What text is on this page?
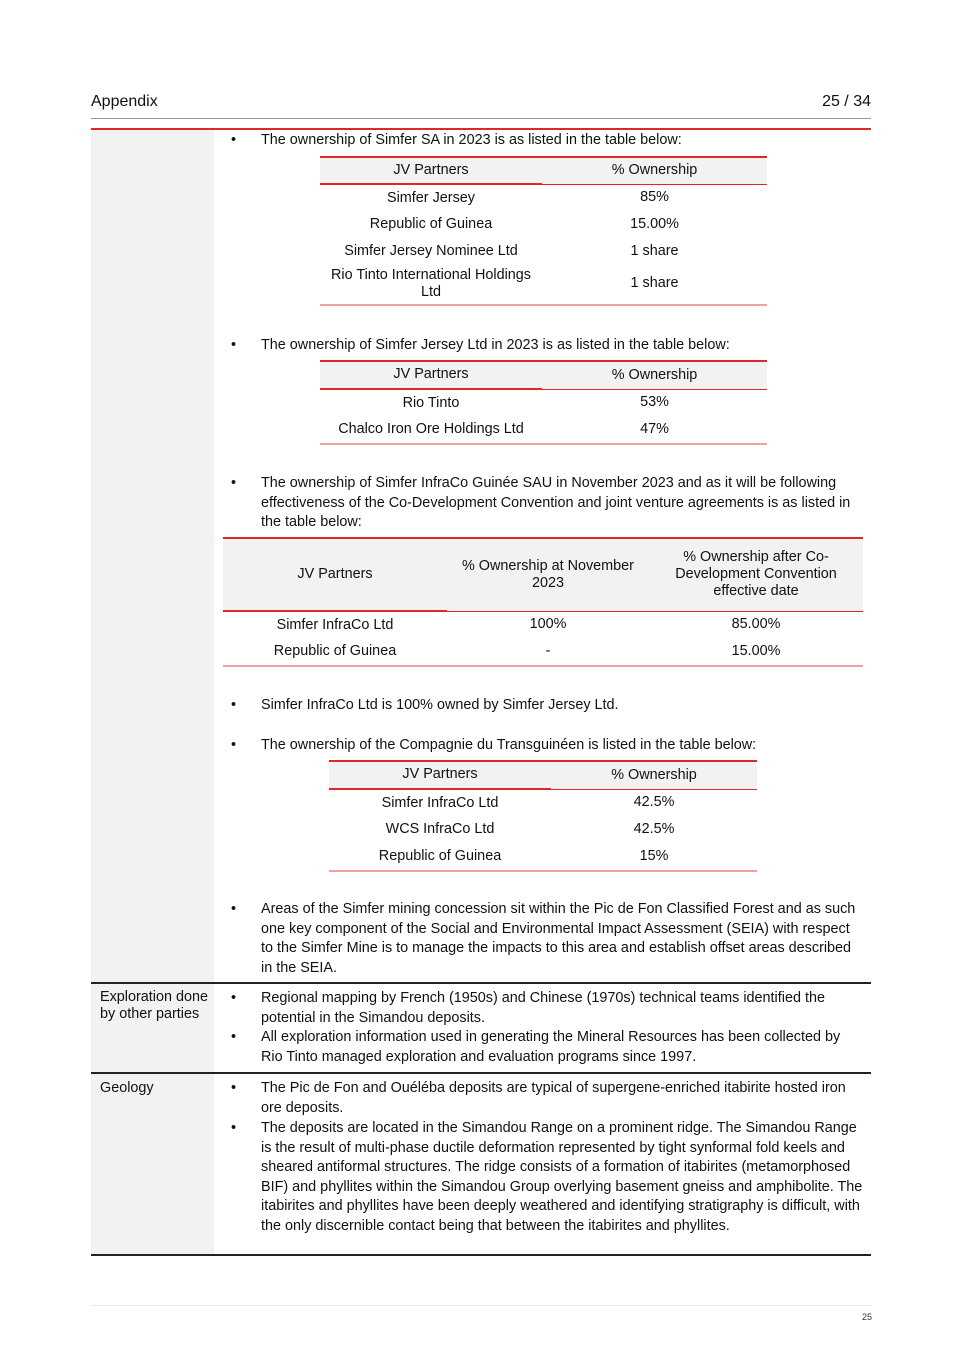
Appendix	25 / 34
• The ownership of Simfer SA in 2023 is as listed in the table below:
JV Partners	% Ownership
Simfer Jersey	85%
Republic of Guinea	15.00%
Simfer Jersey Nominee Ltd	1 share
Rio Tinto International Holdings Ltd	1 share
• The ownership of Simfer Jersey Ltd in 2023 is as listed in the table below:
JV Partners	% Ownership
Rio Tinto	53%
Chalco Iron Ore Holdings Ltd	47%
• The ownership of Simfer InfraCo Guinée SAU in November 2023 and as it will be following effectiveness of the Co-Development Convention and joint venture agreements is as listed in the table below:
JV Partners	% Ownership at November 2023	% Ownership after Co-Development Convention effective date
Simfer InfraCo Ltd	100%	85.00%
Republic of Guinea	-	15.00%
• Simfer InfraCo Ltd is 100% owned by Simfer Jersey Ltd.
• The ownership of the Compagnie du Transguinéen is listed in the table below:
JV Partners	% Ownership
Simfer InfraCo Ltd	42.5%
WCS InfraCo Ltd	42.5%
Republic of Guinea	15%
• Areas of the Simfer mining concession sit within the Pic de Fon Classified Forest and as such one key component of the Social and Environmental Impact Assessment (SEIA) with respect to the Simfer Mine is to manage the impacts to this area and establish offset areas described in the SEIA.
Exploration done by other parties
• Regional mapping by French (1950s) and Chinese (1970s) technical teams identified the potential in the Simandou deposits.
• All exploration information used in generating the Mineral Resources has been collected by Rio Tinto managed exploration and evaluation programs since 1997.
Geology	• The Pic de Fon and Ouéléba deposits are typical of supergene-enriched itabirite hosted iron ore deposits.
• The deposits are located in the Simandou Range on a prominent ridge. The Simandou Range is the result of multi-phase ductile deformation represented by tight synformal fold keels and sheared antiformal structures. The ridge consists of a formation of itabirites (metamorphosed BIF) and phyllites within the Simandou Group overlying basement gneiss and amphibolite. The itabirites and phyllites have been deeply weathered and identifying stratigraphy is difficult, with the only discernible contact being that between the itabirites and phyllites.
25
